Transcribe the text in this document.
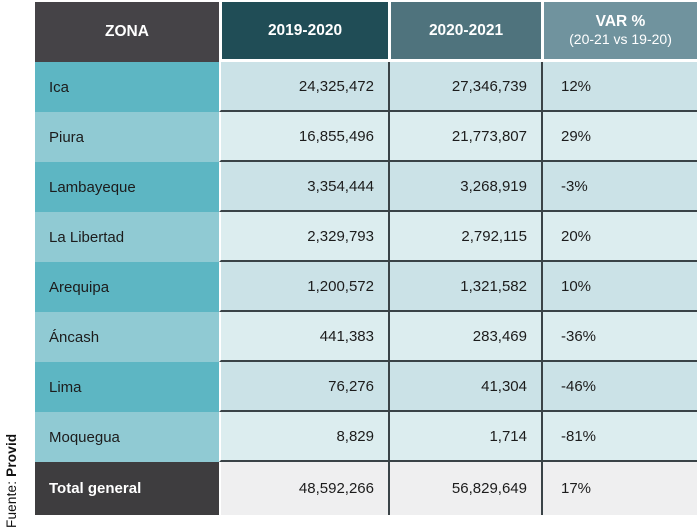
Fuente: Provid
ZONA	2019-2020	2020-2021	VAR %
(20-21 vs 19-20)
Ica	24,325,472	27,346,739	12%
Piura	16,855,496	21,773,807	29%
Lambayeque	3,354,444	3,268,919	-3%
La Libertad	2,329,793	2,792,115	20%
Arequipa	1,200,572	1,321,582	10%
Áncash	441,383	283,469	-36%
Lima	76,276	41,304	-46%
Moquegua	8,829	1,714	-81%
Total general	48,592,266	56,829,649	17%
